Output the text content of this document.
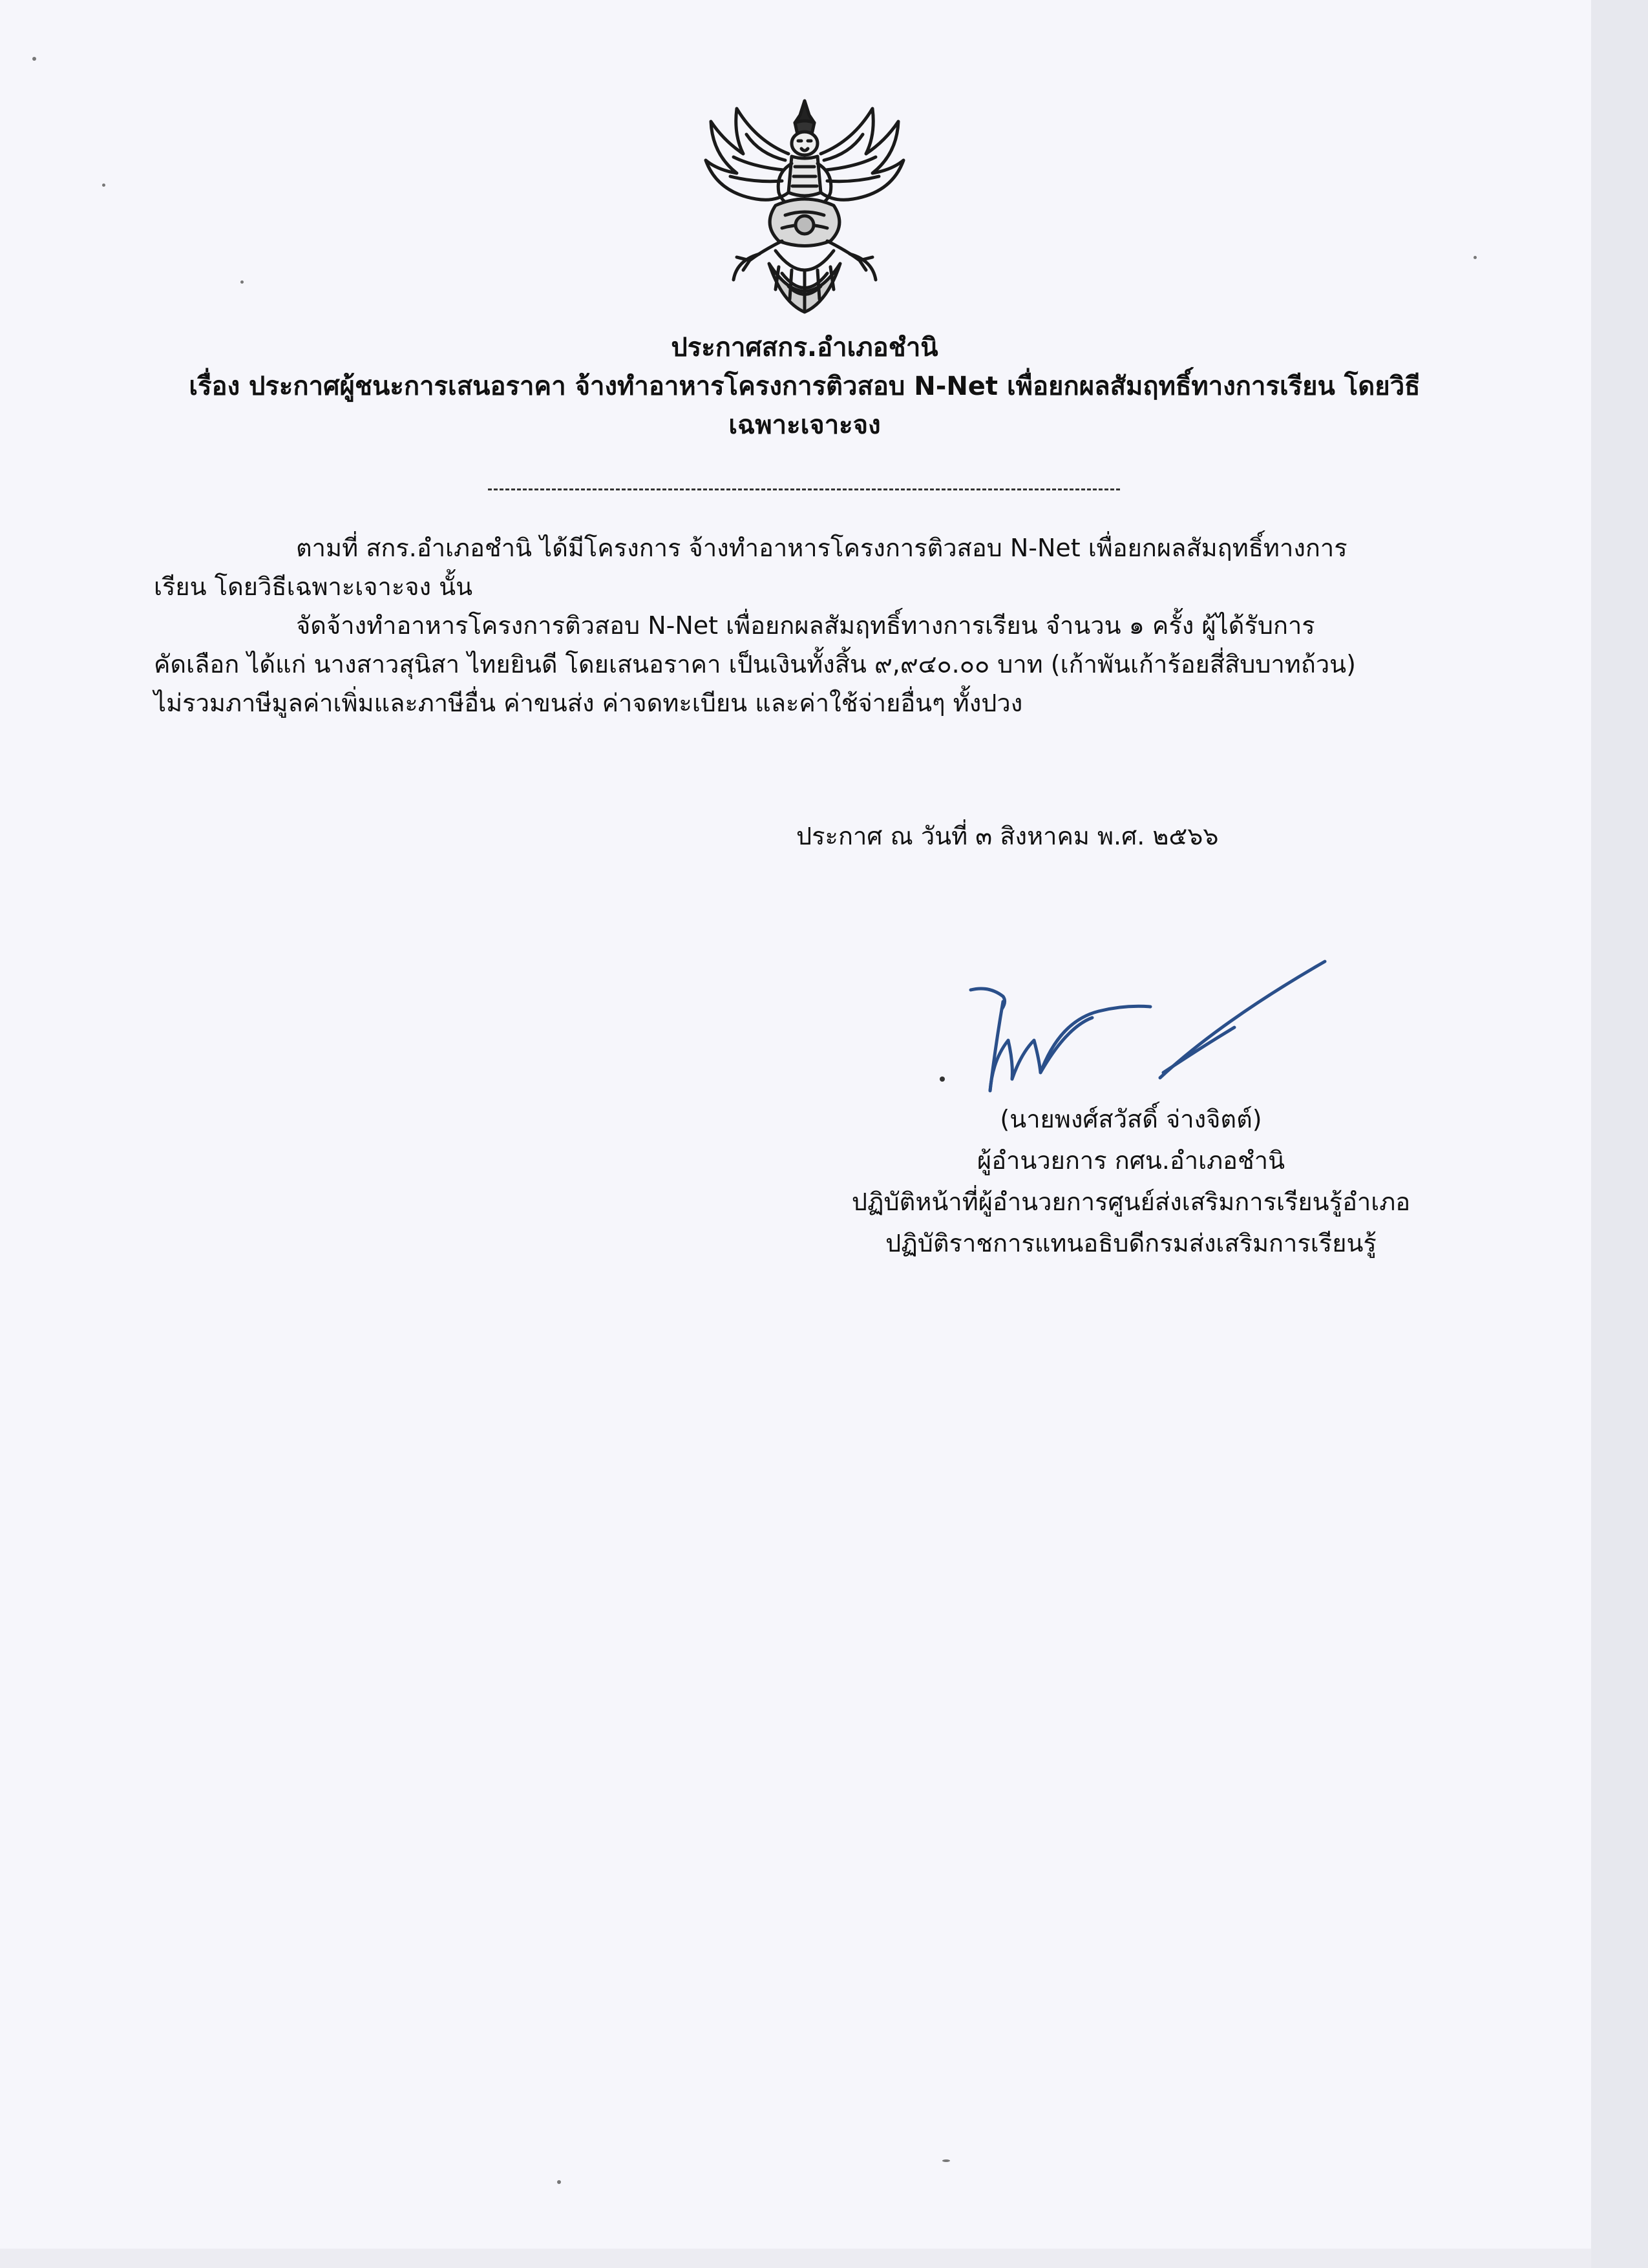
ประกาศสกร.อำเภอชำนิ
เรื่อง ประกาศผู้ชนะการเสนอราคา จ้างทำอาหารโครงการติวสอบ N-Net เพื่อยกผลสัมฤทธิ์ทางการเรียน โดยวิธี
เฉพาะเจาะจง
ตามที่ สกร.อำเภอชำนิ ได้มีโครงการ จ้างทำอาหารโครงการติวสอบ N-Net เพื่อยกผลสัมฤทธิ์ทางการ
เรียน โดยวิธีเฉพาะเจาะจง นั้น
จัดจ้างทำอาหารโครงการติวสอบ N-Net เพื่อยกผลสัมฤทธิ์ทางการเรียน จำนวน ๑ ครั้ง ผู้ได้รับการ
คัดเลือก ได้แก่ นางสาวสุนิสา ไทยยินดี โดยเสนอราคา เป็นเงินทั้งสิ้น ๙,๙๔๐.๐๐ บาท (เก้าพันเก้าร้อยสี่สิบบาทถ้วน)
ไม่รวมภาษีมูลค่าเพิ่มและภาษีอื่น ค่าขนส่ง ค่าจดทะเบียน และค่าใช้จ่ายอื่นๆ ทั้งปวง
ประกาศ ณ วันที่ ๓ สิงหาคม พ.ศ. ๒๕๖๖
(นายพงศ์สวัสดิ์ จ่างจิตต์)
ผู้อำนวยการ กศน.อำเภอชำนิ
ปฏิบัติหน้าที่ผู้อำนวยการศูนย์ส่งเสริมการเรียนรู้อำเภอ
ปฏิบัติราชการแทนอธิบดีกรมส่งเสริมการเรียนรู้
